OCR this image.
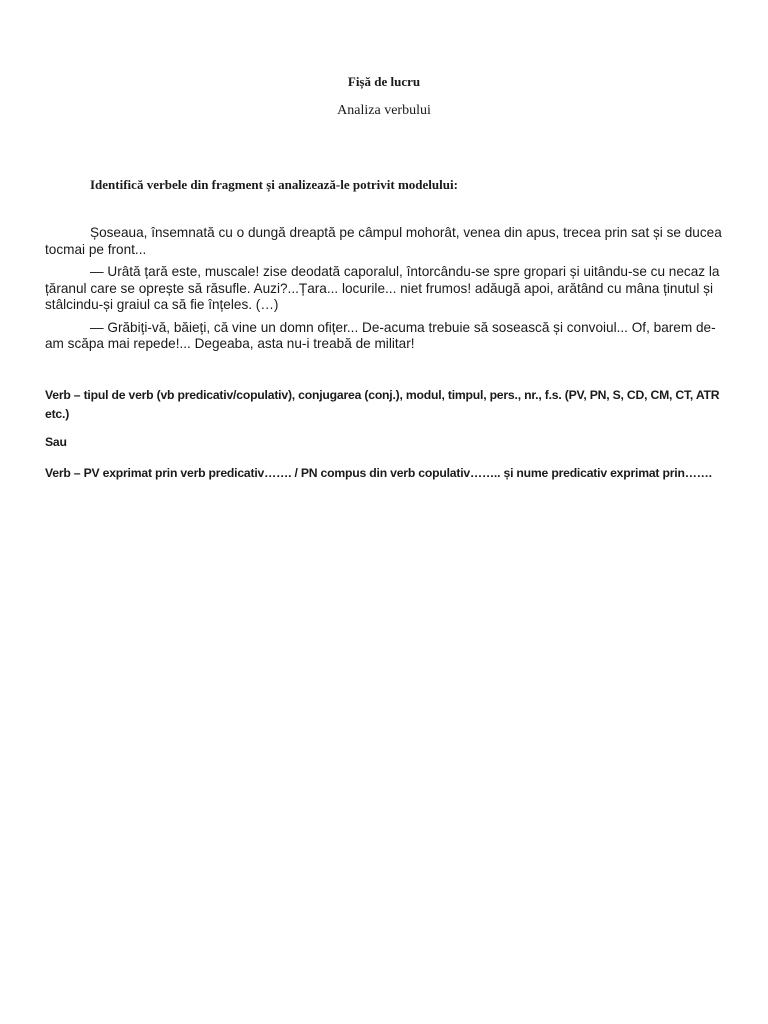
Fișă de lucru
Analiza verbului
Identifică verbele din fragment și analizează-le potrivit modelului:

Șoseaua, însemnată cu o dungă dreaptă pe câmpul mohorât, venea din apus, trecea prin sat și se ducea tocmai pe front...

— Urâtă țară este, muscale! zise deodată caporalul, întorcându-se spre gropari și uitându-se cu necaz la țăranul care se oprește să răsufle. Auzi?...Țara... locurile... niet frumos! adăugă apoi, arătând cu mâna ținutul și stâlcindu-și graiul ca să fie înțeles. (…)

— Grăbiți-vă, băieți, că vine un domn ofițer... De-acuma trebuie să sosească și convoiul... Of, barem de-am scăpa mai repede!... Degeaba, asta nu-i treabă de militar!

Verb – tipul de verb (vb predicativ/copulativ), conjugarea (conj.), modul, timpul, pers., nr., f.s. (PV, PN, S, CD, CM, CT, ATR etc.)
Sau
Verb – PV exprimat prin verb predicativ……. / PN compus din verb copulativ…….. și nume predicativ exprimat prin…….
